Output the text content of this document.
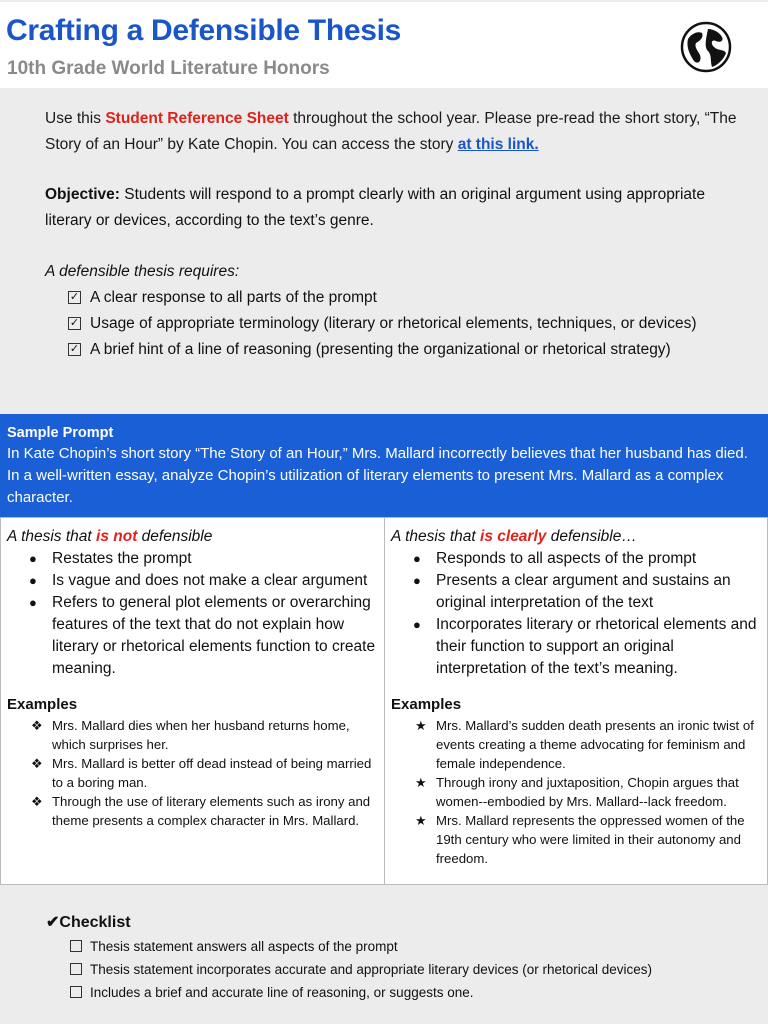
Crafting a Defensible Thesis
10th Grade World Literature Honors
Use this Student Reference Sheet throughout the school year. Please pre-read the short story, “The Story of an Hour” by Kate Chopin. You can access the story at this link.
Objective: Students will respond to a prompt clearly with an original argument using appropriate literary or devices, according to the text’s genre.
A defensible thesis requires:
✓ A clear response to all parts of the prompt
✓ Usage of appropriate terminology (literary or rhetorical elements, techniques, or devices)
✓ A brief hint of a line of reasoning (presenting the organizational or rhetorical strategy)
Sample Prompt
In Kate Chopin’s short story “The Story of an Hour,” Mrs. Mallard incorrectly believes that her husband has died. In a well-written essay, analyze Chopin’s utilization of literary elements to present Mrs. Mallard as a complex character.
A thesis that is not defensible
● Restates the prompt
● Is vague and does not make a clear argument
● Refers to general plot elements or overarching features of the text that do not explain how literary or rhetorical elements function to create meaning.
Examples
❖ Mrs. Mallard dies when her husband returns home, which surprises her.
❖ Mrs. Mallard is better off dead instead of being married to a boring man.
❖ Through the use of literary elements such as irony and theme presents a complex character in Mrs. Mallard.
A thesis that is clearly defensible…
● Responds to all aspects of the prompt
● Presents a clear argument and sustains an original interpretation of the text
● Incorporates literary or rhetorical elements and their function to support an original interpretation of the text’s meaning.
Examples
★ Mrs. Mallard’s sudden death presents an ironic twist of events creating a theme advocating for feminism and female independence.
★ Through irony and juxtaposition, Chopin argues that women--embodied by Mrs. Mallard--lack freedom.
★ Mrs. Mallard represents the oppressed women of the 19th century who were limited in their autonomy and freedom.
✔Checklist
Thesis statement answers all aspects of the prompt
Thesis statement incorporates accurate and appropriate literary devices (or rhetorical devices)
Includes a brief and accurate line of reasoning, or suggests one.
